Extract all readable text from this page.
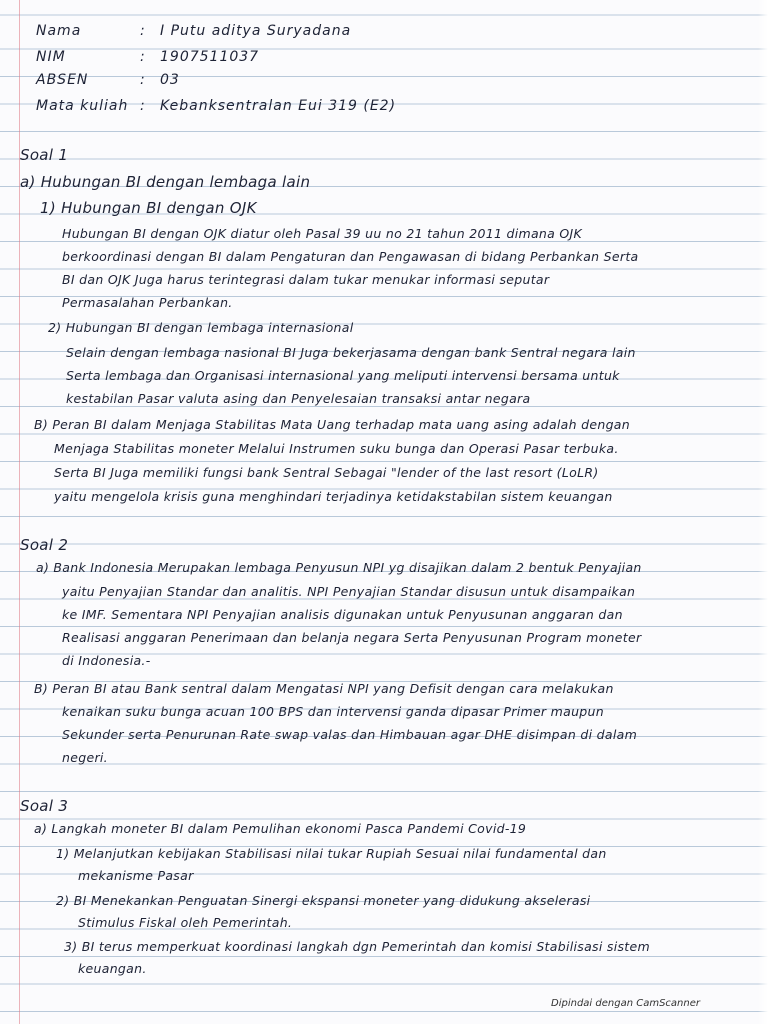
Nama	: I Putu aditya Suryadana
NIM	: 1907511037
ABSEN	: 03
Mata kuliah : Kebanksentralan Eui 319 (E2)
Soal 1
a) Hubungan BI dengan lembaga lain
1) Hubungan BI dengan OJK
Hubungan BI dengan OJK diatur oleh Pasal 39 uu no 21 tahun 2011 dimana OJK
berkoordinasi dengan BI dalam Pengaturan dan Pengawasan di bidang Perbankan Serta
BI dan OJK Juga harus terintegrasi dalam tukar menukar informasi seputar
Permasalahan Perbankan.
2) Hubungan BI dengan lembaga internasional
Selain dengan lembaga nasional BI Juga bekerjasama dengan bank Sentral negara lain
Serta lembaga dan Organisasi internasional yang meliputi intervensi bersama untuk
kestabilan Pasar valuta asing dan Penyelesaian transaksi antar negara
B) Peran BI dalam Menjaga Stabilitas Mata Uang terhadap mata uang asing adalah dengan
Menjaga Stabilitas moneter Melalui Instrumen suku bunga dan Operasi Pasar terbuka.
Serta BI Juga memiliki fungsi bank Sentral Sebagai "lender of the last resort (LoLR)
yaitu mengelola krisis guna menghindari terjadinya ketidakstabilan sistem keuangan
Soal 2
a) Bank Indonesia Merupakan lembaga Penyusun NPI yg disajikan dalam 2 bentuk Penyajian
yaitu Penyajian Standar dan analitis. NPI Penyajian Standar disusun untuk disampaikan
ke IMF. Sementara NPI Penyajian analisis digunakan untuk Penyusunan anggaran dan
Realisasi anggaran Penerimaan dan belanja negara Serta Penyusunan Program moneter
di Indonesia.-
B) Peran BI atau Bank sentral dalam Mengatasi NPI yang Defisit dengan cara melakukan
kenaikan suku bunga acuan 100 BPS dan intervensi ganda dipasar Primer maupun
Sekunder serta Penurunan Rate swap valas dan Himbauan agar DHE disimpan di dalam
negeri.
Soal 3
a) Langkah moneter BI dalam Pemulihan ekonomi Pasca Pandemi Covid-19
1) Melanjutkan kebijakan Stabilisasi nilai tukar Rupiah Sesuai nilai fundamental dan
mekanisme Pasar
2) BI Menekankan Penguatan Sinergi ekspansi moneter yang didukung akselerasi
Stimulus Fiskal oleh Pemerintah.
3) BI terus memperkuat koordinasi langkah dgn Pemerintah dan komisi Stabilisasi sistem
keuangan.
Dipindai dengan CamScanner
